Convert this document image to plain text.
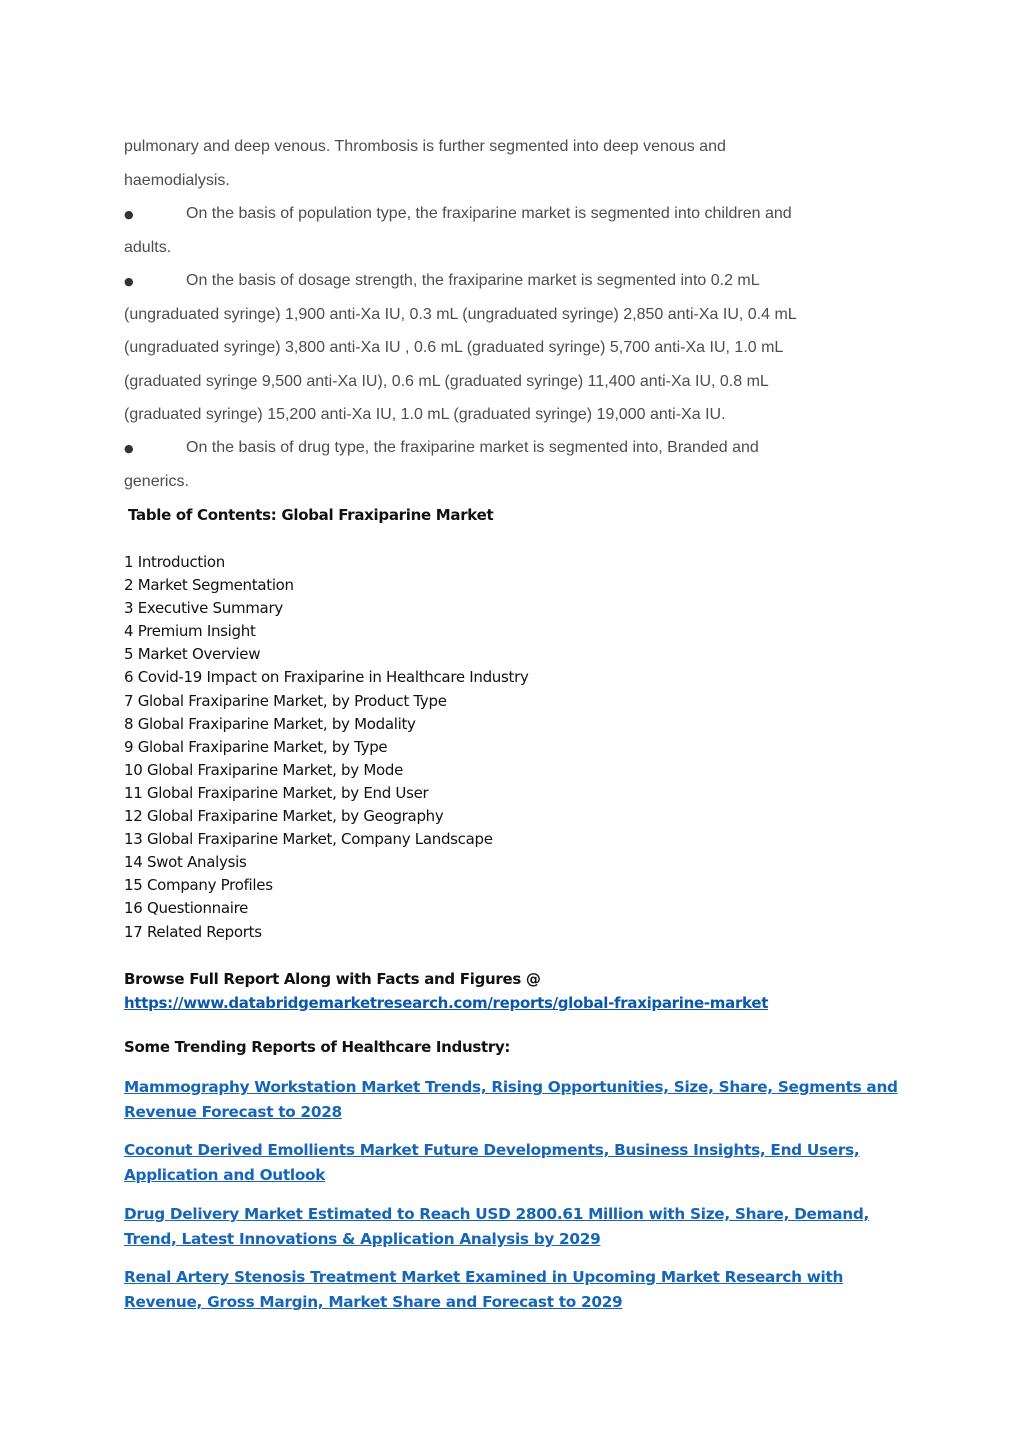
pulmonary and deep venous. Thrombosis is further segmented into deep venous and
haemodialysis.
●	On the basis of population type, the fraxiparine market is segmented into children and
adults.
●	On the basis of dosage strength, the fraxiparine market is segmented into 0.2 mL
(ungraduated syringe) 1,900 anti-Xa IU, 0.3 mL (ungraduated syringe) 2,850 anti-Xa IU, 0.4 mL
(ungraduated syringe) 3,800 anti-Xa IU , 0.6 mL (graduated syringe) 5,700 anti-Xa IU, 1.0 mL
(graduated syringe 9,500 anti-Xa IU), 0.6 mL (graduated syringe) 11,400 anti-Xa IU, 0.8 mL
(graduated syringe) 15,200 anti-Xa IU, 1.0 mL (graduated syringe) 19,000 anti-Xa IU.
●	On the basis of drug type, the fraxiparine market is segmented into, Branded and
generics.
Table of Contents: Global Fraxiparine Market
1 Introduction
2 Market Segmentation
3 Executive Summary
4 Premium Insight
5 Market Overview
6 Covid-19 Impact on Fraxiparine in Healthcare Industry
7 Global Fraxiparine Market, by Product Type
8 Global Fraxiparine Market, by Modality
9 Global Fraxiparine Market, by Type
10 Global Fraxiparine Market, by Mode
11 Global Fraxiparine Market, by End User
12 Global Fraxiparine Market, by Geography
13 Global Fraxiparine Market, Company Landscape
14 Swot Analysis
15 Company Profiles
16 Questionnaire
17 Related Reports
Browse Full Report Along with Facts and Figures @
https://www.databridgemarketresearch.com/reports/global-fraxiparine-market
Some Trending Reports of Healthcare Industry:
Mammography Workstation Market Trends, Rising Opportunities, Size, Share, Segments and Revenue Forecast to 2028
Coconut Derived Emollients Market Future Developments, Business Insights, End Users, Application and Outlook
Drug Delivery Market Estimated to Reach USD 2800.61 Million with Size, Share, Demand, Trend, Latest Innovations & Application Analysis by 2029
Renal Artery Stenosis Treatment Market Examined in Upcoming Market Research with Revenue, Gross Margin, Market Share and Forecast to 2029
